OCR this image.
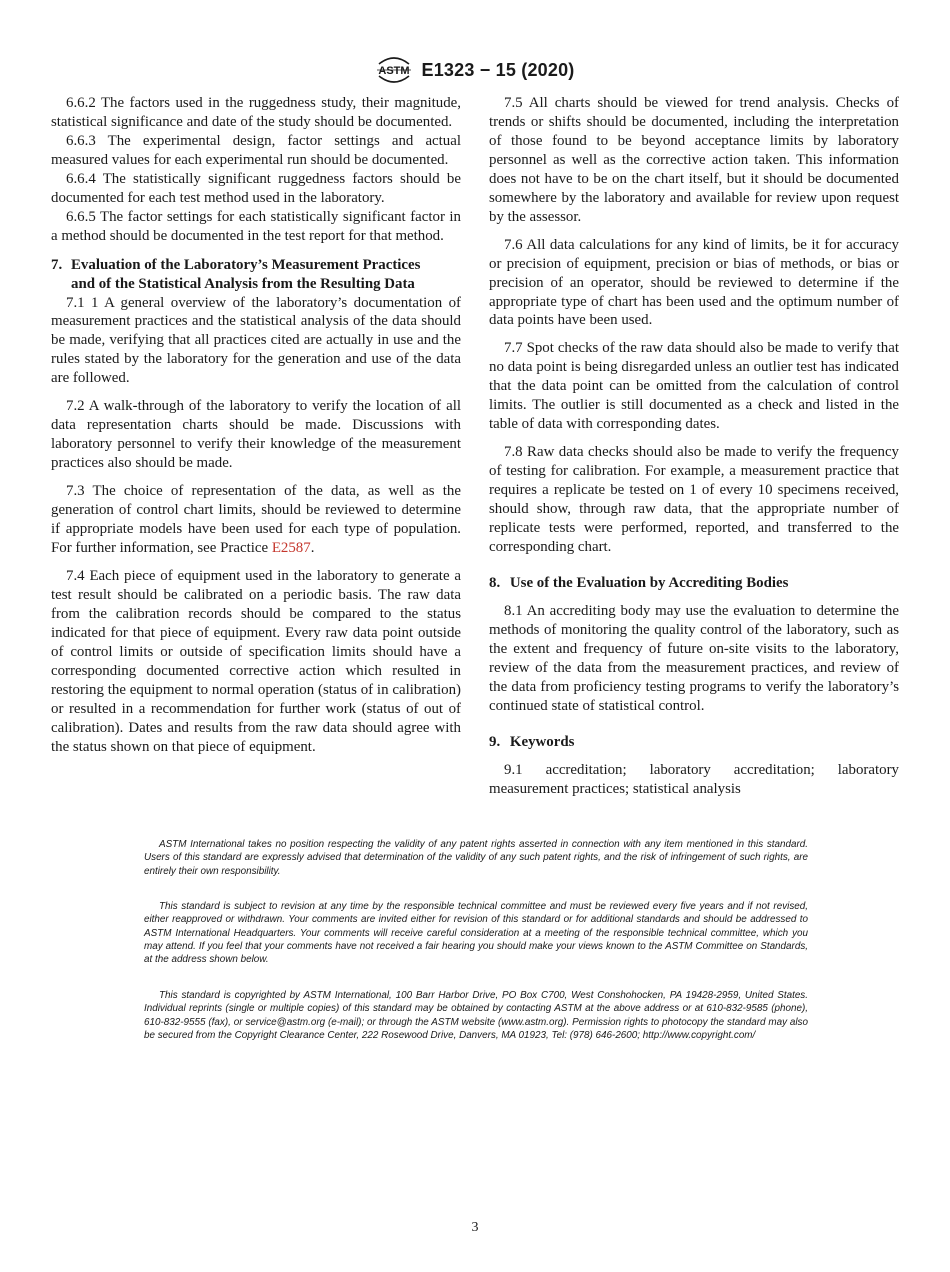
ASTM E1323 − 15 (2020)

6.6.2 The factors used in the ruggedness study, their magnitude, statistical significance and date of the study should be documented.

6.6.3 The experimental design, factor settings and actual measured values for each experimental run should be documented.

6.6.4 The statistically significant ruggedness factors should be documented for each test method used in the laboratory.

6.6.5 The factor settings for each statistically significant factor in a method should be documented in the test report for that method.

7. Evaluation of the Laboratory’s Measurement Practices
and of the Statistical Analysis from the Resulting Data

7.1 1 A general overview of the laboratory’s documentation of measurement practices and the statistical analysis of the data should be made, verifying that all practices cited are actually in use and the rules stated by the laboratory for the generation and use of the data are followed.

7.2 A walk-through of the laboratory to verify the location of all data representation charts should be made. Discussions with laboratory personnel to verify their knowledge of the measurement practices also should be made.

7.3 The choice of representation of the data, as well as the generation of control chart limits, should be reviewed to determine if appropriate models have been used for each type of population. For further information, see Practice E2587.

7.4 Each piece of equipment used in the laboratory to generate a test result should be calibrated on a periodic basis. The raw data from the calibration records should be compared to the status indicated for that piece of equipment. Every raw data point outside of control limits or outside of specification limits should have a corresponding documented corrective action which resulted in restoring the equipment to normal operation (status of in calibration) or resulted in a recommendation for further work (status of out of calibration). Dates and results from the raw data should agree with the status shown on that piece of equipment.

7.5 All charts should be viewed for trend analysis. Checks of trends or shifts should be documented, including the interpretation of those found to be beyond acceptance limits by laboratory personnel as well as the corrective action taken. This information does not have to be on the chart itself, but it should be documented somewhere by the laboratory and available for review upon request by the assessor.

7.6 All data calculations for any kind of limits, be it for accuracy or precision of equipment, precision or bias of methods, or bias or precision of an operator, should be reviewed to determine if the appropriate type of chart has been used and the optimum number of data points have been used.

7.7 Spot checks of the raw data should also be made to verify that no data point is being disregarded unless an outlier test has indicated that the data point can be omitted from the calculation of control limits. The outlier is still documented as a check and listed in the table of data with corresponding dates.

7.8 Raw data checks should also be made to verify the frequency of testing for calibration. For example, a measurement practice that requires a replicate be tested on 1 of every 10 specimens received, should show, through raw data, that the appropriate number of replicate tests were performed, reported, and transferred to the corresponding chart.

8. Use of the Evaluation by Accrediting Bodies

8.1 An accrediting body may use the evaluation to determine the methods of monitoring the quality control of the laboratory, such as the extent and frequency of future on-site visits to the laboratory, review of the data from the measurement practices, and review of the data from proficiency testing programs to verify the laboratory’s continued state of statistical control.

9. Keywords

9.1 accreditation; laboratory accreditation; laboratory measurement practices; statistical analysis

ASTM International takes no position respecting the validity of any patent rights asserted in connection with any item mentioned in this standard. Users of this standard are expressly advised that determination of the validity of any such patent rights, and the risk of infringement of such rights, are entirely their own responsibility.

This standard is subject to revision at any time by the responsible technical committee and must be reviewed every five years and if not revised, either reapproved or withdrawn. Your comments are invited either for revision of this standard or for additional standards and should be addressed to ASTM International Headquarters. Your comments will receive careful consideration at a meeting of the responsible technical committee, which you may attend. If you feel that your comments have not received a fair hearing you should make your views known to the ASTM Committee on Standards, at the address shown below.

This standard is copyrighted by ASTM International, 100 Barr Harbor Drive, PO Box C700, West Conshohocken, PA 19428-2959, United States. Individual reprints (single or multiple copies) of this standard may be obtained by contacting ASTM at the above address or at 610-832-9585 (phone), 610-832-9555 (fax), or service@astm.org (e-mail); or through the ASTM website (www.astm.org). Permission rights to photocopy the standard may also be secured from the Copyright Clearance Center, 222 Rosewood Drive, Danvers, MA 01923, Tel: (978) 646-2600; http://www.copyright.com/

3
